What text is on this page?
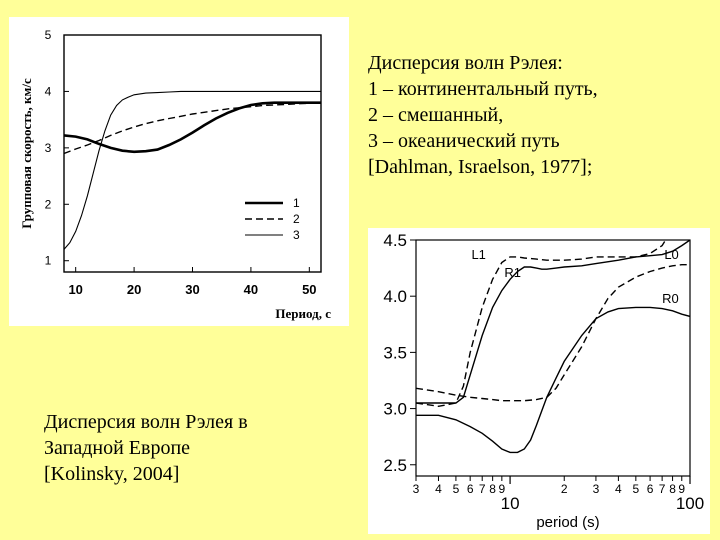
10	20	30	40	50
1
2
3
4
5
Период, с
Групповая скорость, км/с	1
2
3
2.5
3.0
3.5
4.0
4.5
3 4 5 6 7 8 9	2 3 4 5 6 7 8 9
10	100
period (s)
L1
R1
L0
R0

Дисперсия волн Рэлея:
1 – континентальный путь,
2 – смешанный,
3 – океанический путь
[Dahlman, Israelson, 1977];

Дисперсия волн Рэлея в
Западной Европе
[Kolinsky, 2004]
